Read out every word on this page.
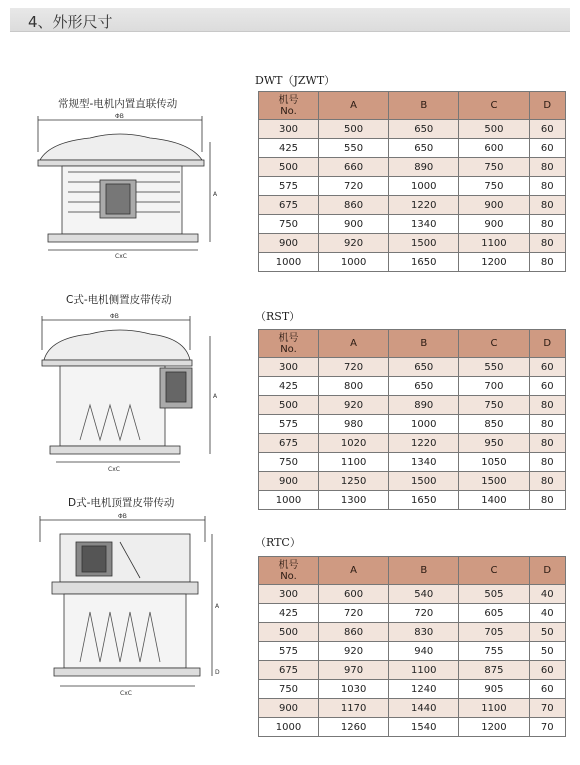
4、外形尺寸
常规型-电机内置直联传动
ΦB
CxC
A
C式-电机侧置皮带传动
ΦB
CxC
A
D式-电机顶置皮带传动
ΦB
CxC
A
D
DWT（JZWT）
机号
No.	A	B	C	D
300	500	650	500	60
425	550	650	600	60
500	660	890	750	80
575	720	1000	750	80
675	860	1220	900	80
750	900	1340	900	80
900	920	1500	1100	80
1000	1000	1650	1200	80
（RST）
机号
No.	A	B	C	D
300	720	650	550	60
425	800	650	700	60
500	920	890	750	80
575	980	1000	850	80
675	1020	1220	950	80
750	1100	1340	1050	80
900	1250	1500	1500	80
1000	1300	1650	1400	80
（RTC）
机号
No.	A	B	C	D
300	600	540	505	40
425	720	720	605	40
500	860	830	705	50
575	920	940	755	50
675	970	1100	875	60
750	1030	1240	905	60
900	1170	1440	1100	70
1000	1260	1540	1200	70
